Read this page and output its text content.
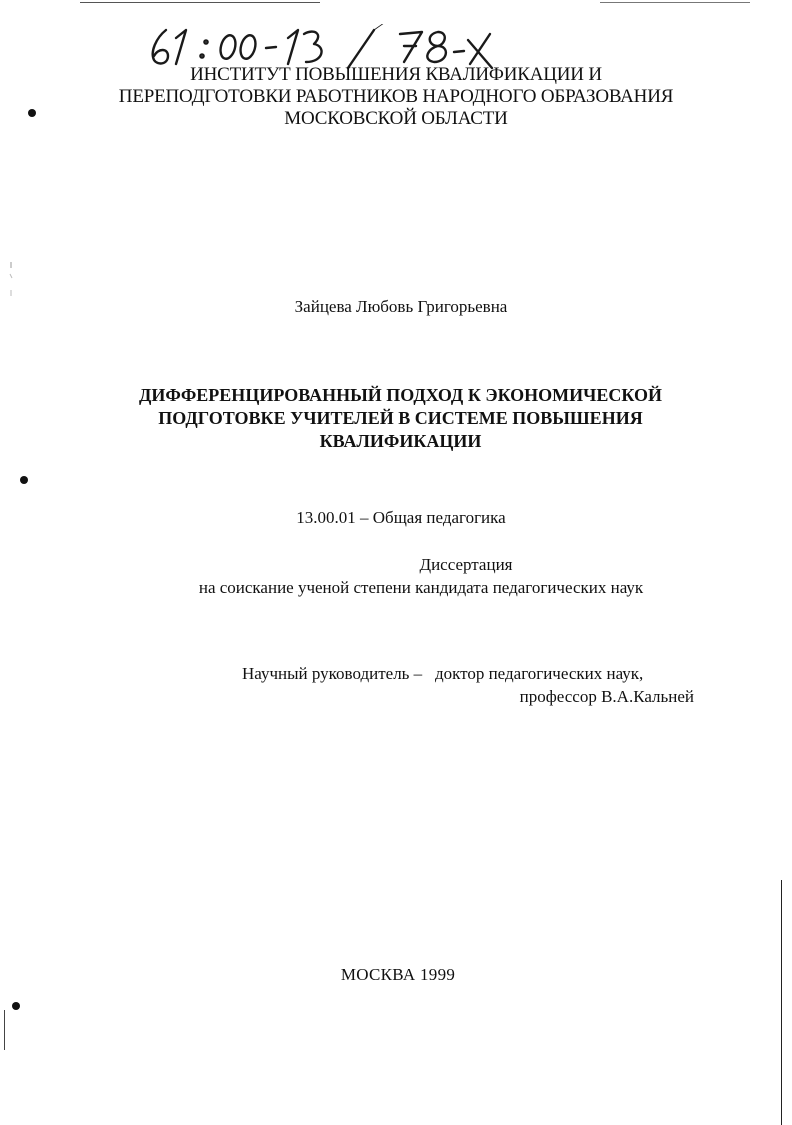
ИНСТИТУТ ПОВЫШЕНИЯ КВАЛИФИКАЦИИ И
ПЕРЕПОДГОТОВКИ РАБОТНИКОВ НАРОДНОГО ОБРАЗОВАНИЯ
МОСКОВСКОЙ ОБЛАСТИ
Зайцева Любовь Григорьевна
ДИФФЕРЕНЦИРОВАННЫЙ ПОДХОД К ЭКОНОМИЧЕСКОЙ
ПОДГОТОВКЕ УЧИТЕЛЕЙ В СИСТЕМЕ ПОВЫШЕНИЯ
КВАЛИФИКАЦИИ
13.00.01 – Общая педагогика
Диссертация
на соискание ученой степени кандидата педагогических наук
Научный руководитель – доктор педагогических наук,
профессор В.А.Кальней
МОСКВА 1999
